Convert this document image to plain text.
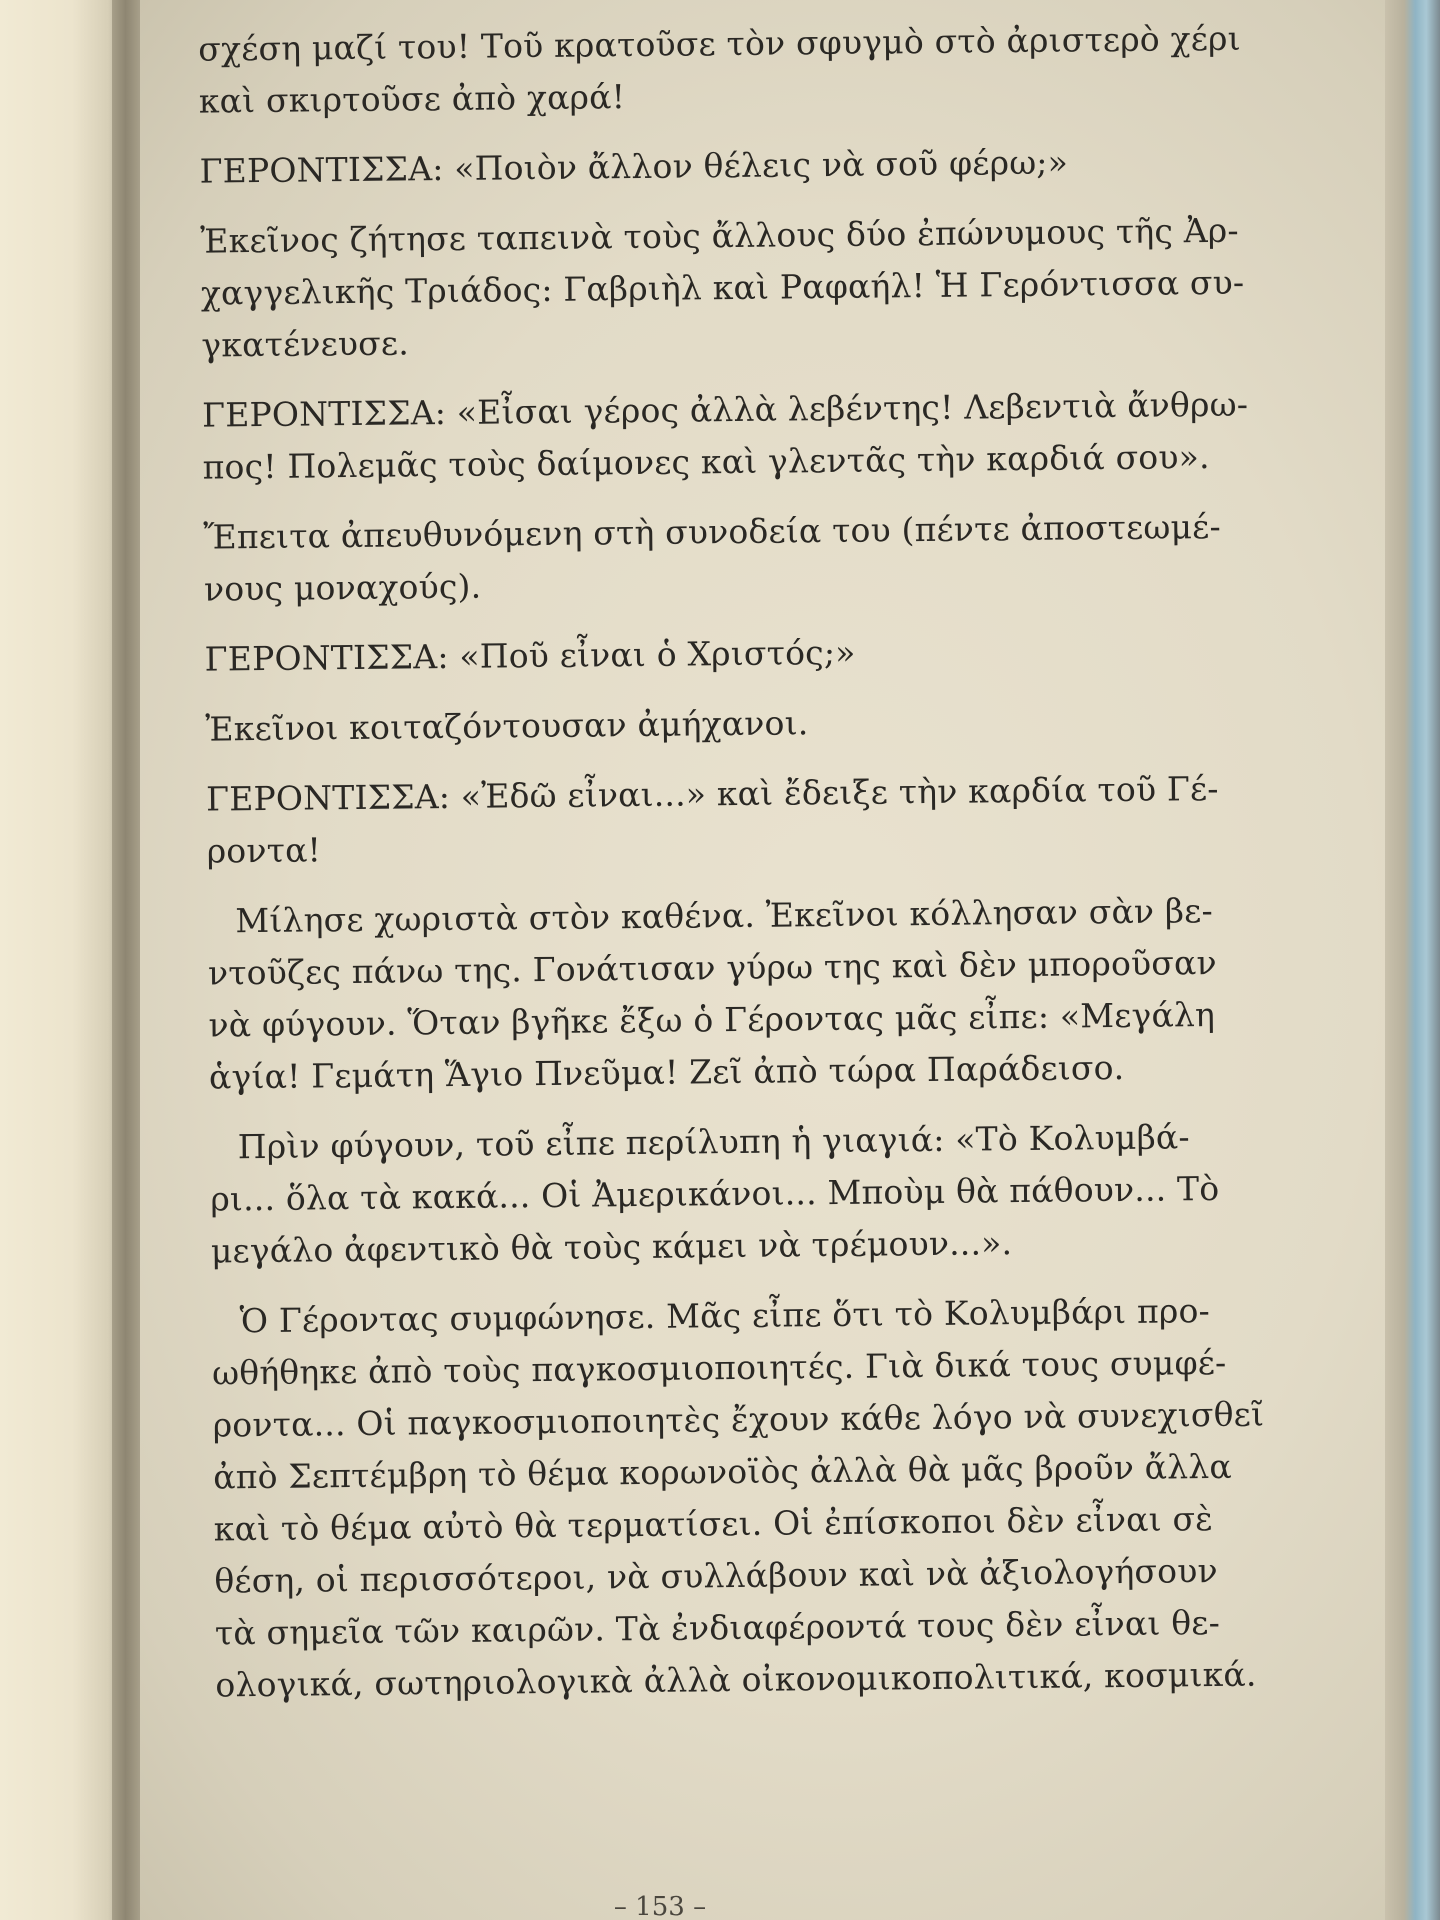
σχέση μαζί του! Τοῦ κρατοῦσε τὸν σφυγμὸ στὸ ἀριστερὸ χέρι
καὶ σκιρτοῦσε ἀπὸ χαρά!
ΓΕΡΟΝΤΙΣΣΑ: «Ποιὸν ἄλλον θέλεις νὰ σοῦ φέρω;»
Ἐκεῖνος ζήτησε ταπεινὰ τοὺς ἄλλους δύο ἐπώνυμους τῆς Ἀρ-
χαγγελικῆς Τριάδος: Γαβριὴλ καὶ Ραφαήλ! Ἡ Γερόντισσα συ-
γκατένευσε.
ΓΕΡΟΝΤΙΣΣΑ: «Εἶσαι γέρος ἀλλὰ λεβέντης! Λεβεντιὰ ἄνθρω-
πος! Πολεμᾶς τοὺς δαίμονες καὶ γλεντᾶς τὴν καρδιά σου».
Ἔπειτα ἀπευθυνόμενη στὴ συνοδεία του (πέντε ἀποστεωμέ-
νους μοναχούς).
ΓΕΡΟΝΤΙΣΣΑ: «Ποῦ εἶναι ὁ Χριστός;»
Ἐκεῖνοι κοιταζόντουσαν ἀμήχανοι.
ΓΕΡΟΝΤΙΣΣΑ: «Ἐδῶ εἶναι...» καὶ ἔδειξε τὴν καρδία τοῦ Γέ-
ροντα!
Μίλησε χωριστὰ στὸν καθένα. Ἐκεῖνοι κόλλησαν σὰν βε-
ντοῦζες πάνω της. Γονάτισαν γύρω της καὶ δὲν μποροῦσαν
νὰ φύγουν. Ὅταν βγῆκε ἔξω ὁ Γέροντας μᾶς εἶπε: «Μεγάλη
ἁγία! Γεμάτη Ἅγιο Πνεῦμα! Ζεῖ ἀπὸ τώρα Παράδεισο.
Πρὶν φύγουν, τοῦ εἶπε περίλυπη ἡ γιαγιά: «Τὸ Κολυμβά-
ρι... ὅλα τὰ κακά... Οἱ Ἀμερικάνοι... Μποὺμ θὰ πάθουν... Τὸ
μεγάλο ἀφεντικὸ θὰ τοὺς κάμει νὰ τρέμουν...».
Ὁ Γέροντας συμφώνησε. Μᾶς εἶπε ὅτι τὸ Κολυμβάρι προ-
ωθήθηκε ἀπὸ τοὺς παγκοσμιοποιητές. Γιὰ δικά τους συμφέ-
ροντα... Οἱ παγκοσμιοποιητὲς ἔχουν κάθε λόγο νὰ συνεχισθεῖ
ἀπὸ Σεπτέμβρη τὸ θέμα κορωνοϊὸς ἀλλὰ θὰ μᾶς βροῦν ἄλλα
καὶ τὸ θέμα αὐτὸ θὰ τερματίσει. Οἱ ἐπίσκοποι δὲν εἶναι σὲ
θέση, οἱ περισσότεροι, νὰ συλλάβουν καὶ νὰ ἀξιολογήσουν
τὰ σημεῖα τῶν καιρῶν. Τὰ ἐνδιαφέροντά τους δὲν εἶναι θε-
ολογικά, σωτηριολογικὰ ἀλλὰ οἰκονομικοπολιτικά, κοσμικά.
– 153 –
